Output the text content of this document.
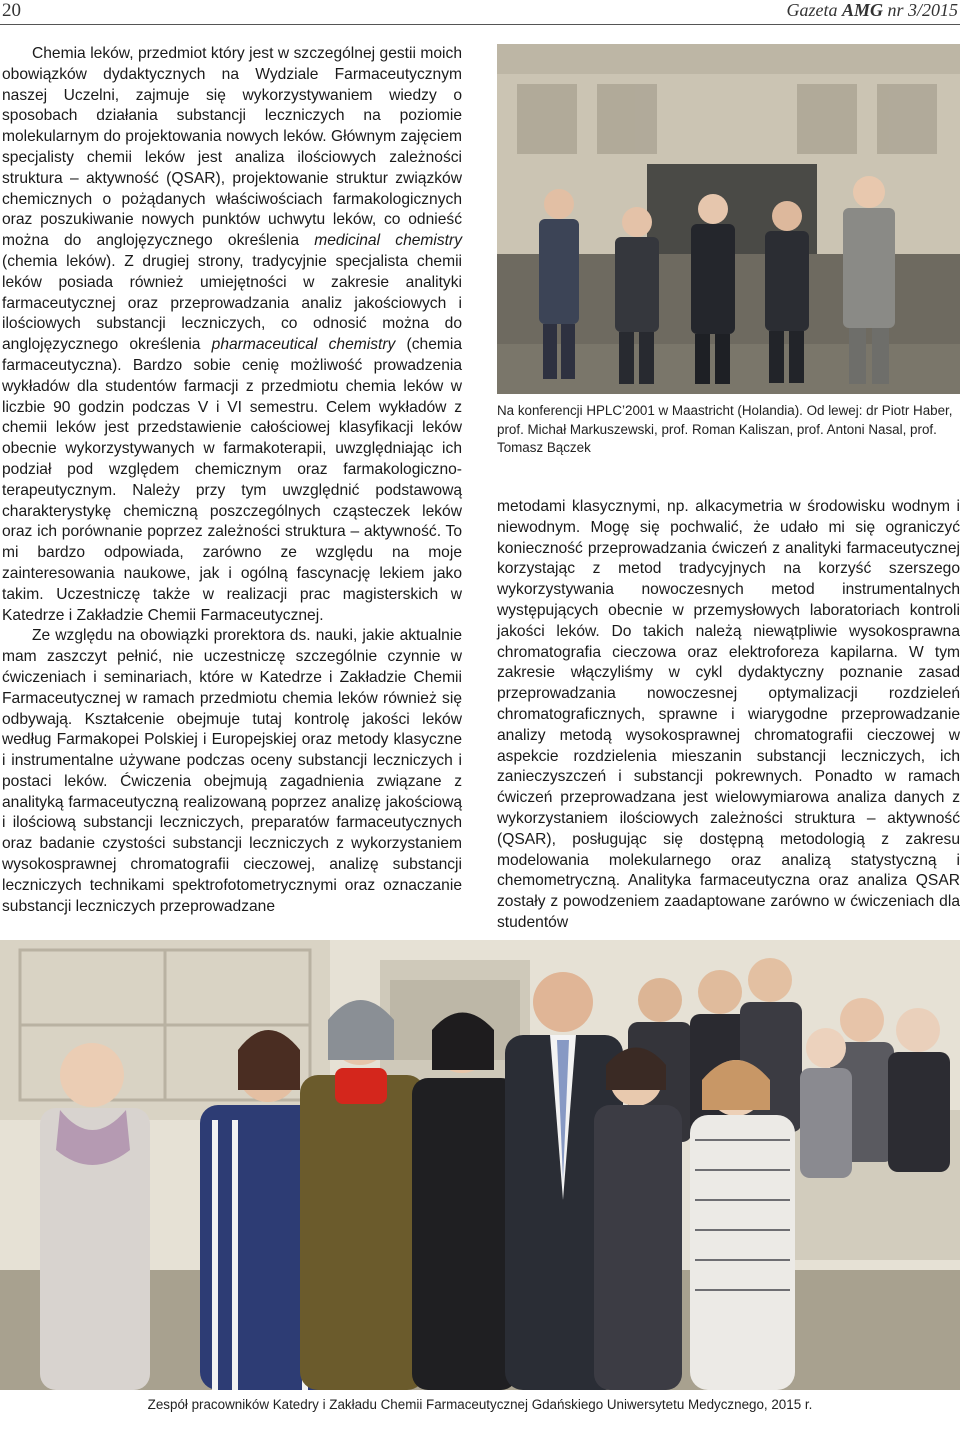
20	Gazeta AMG nr 3/2015

Chemia leków, przedmiot który jest w szczególnej gestii moich obowiązków dydaktycznych na Wydziale Farmaceutycznym naszej Uczelni, zajmuje się wykorzystywaniem wiedzy o sposobach działania substancji leczniczych na poziomie molekularnym do projektowania nowych leków. Głównym zajęciem specjalisty chemii leków jest analiza ilościowych zależności struktura – aktywność (QSAR), projektowanie struktur związków chemicznych o pożądanych właściwościach farmakologicznych oraz poszukiwanie nowych punktów uchwytu leków, co odnieść można do anglojęzycznego określenia medicinal chemistry (chemia leków). Z drugiej strony, tradycyjnie specjalista chemii leków posiada również umiejętności w zakresie analityki farmaceutycznej oraz przeprowadzania analiz jakościowych i ilościowych substancji leczniczych, co odnosić można do anglojęzycznego określenia pharmaceutical chemistry (chemia farmaceutyczna). Bardzo sobie cenię możliwość prowadzenia wykładów dla studentów farmacji z przedmiotu chemia leków w liczbie 90 godzin podczas V i VI semestru. Celem wykładów z chemii leków jest przedstawienie całościowej klasyfikacji leków obecnie wykorzystywanych w farmakoterapii, uwzględniając ich podział pod względem chemicznym oraz farmakologiczno-terapeutycznym. Należy przy tym uwzględnić podstawową charakterystykę chemiczną poszczególnych cząsteczek leków oraz ich porównanie poprzez zależności struktura – aktywność. To mi bardzo odpowiada, zarówno ze względu na moje zainteresowania naukowe, jak i ogólną fascynację lekiem jako takim. Uczestniczę także w realizacji prac magisterskich w Katedrze i Zakładzie Chemii Farmaceutycznej.

Ze względu na obowiązki prorektora ds. nauki, jakie aktualnie mam zaszczyt pełnić, nie uczestniczę szczególnie czynnie w ćwiczeniach i seminariach, które w Katedrze i Zakładzie Chemii Farmaceutycznej w ramach przedmiotu chemia leków również się odbywają. Kształcenie obejmuje tutaj kontrolę jakości leków według Farmakopei Polskiej i Europejskiej oraz metody klasyczne i instrumentalne używane podczas oceny substancji leczniczych i postaci leków. Ćwiczenia obejmują zagadnienia związane z analityką farmaceutyczną realizowaną poprzez analizę jakościową i ilościową substancji leczniczych, preparatów farmaceutycznych oraz badanie czystości substancji leczniczych z wykorzystaniem wysokosprawnej chromatografii cieczowej, analizę substancji leczniczych technikami spektrofotometrycznymi oraz oznaczanie substancji leczniczych przeprowadzane

Na konferencji HPLC’2001 w Maastricht (Holandia). Od lewej: dr Piotr Haber, prof. Michał Markuszewski, prof. Roman Kaliszan, prof. Antoni Nasal, prof. Tomasz Bączek

metodami klasycznymi, np. alkacymetria w środowisku wodnym i niewodnym. Mogę się pochwalić, że udało mi się ograniczyć konieczność przeprowadzania ćwiczeń z analityki farmaceutycznej korzystając z metod tradycyjnych na korzyść szerszego wykorzystywania nowoczesnych metod instrumentalnych występujących obecnie w przemysłowych laboratoriach kontroli jakości leków. Do takich należą niewątpliwie wysokosprawna chromatografia cieczowa oraz elektroforeza kapilarna. W tym zakresie włączyliśmy w cykl dydaktyczny poznanie zasad przeprowadzania nowoczesnej optymalizacji rozdzieleń chromatograficznych, sprawne i wiarygodne przeprowadzanie analizy metodą wysokosprawnej chromatografii cieczowej w aspekcie rozdzielenia mieszanin substancji leczniczych, ich zanieczyszczeń i substancji pokrewnych. Ponadto w ramach ćwiczeń przeprowadzana jest wielowymiarowa analiza danych z wykorzystaniem ilościowych zależności struktura – aktywność (QSAR), posługując się dostępną metodologią z zakresu modelowania molekularnego oraz analizą statystyczną i chemometryczną. Analityka farmaceutyczna oraz analiza QSAR zostały z powodzeniem zaadaptowane zarówno w ćwiczeniach dla studentów

Zespół pracowników Katedry i Zakładu Chemii Farmaceutycznej Gdańskiego Uniwersytetu Medycznego, 2015 r.
